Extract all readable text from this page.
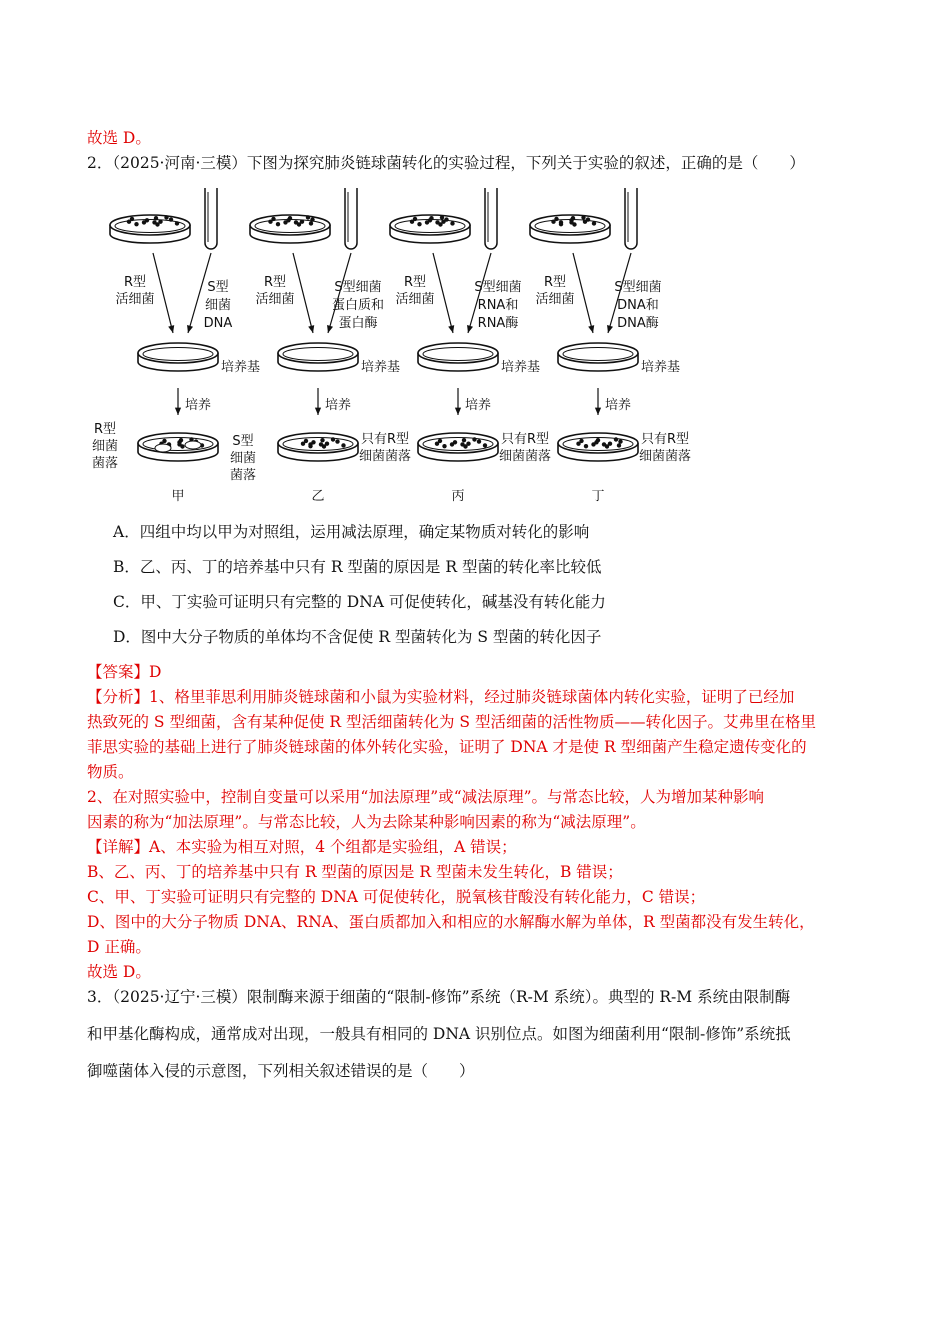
故选 D。
2．（2025·河南·三模）下图为探究肺炎链球菌转化的实验过程，下列关于实验的叙述，正确的是（　　）
R型
活细菌
S型
细菌
DNA
培养基
培养
R型
细菌
菌落
S型
细菌
菌落
甲
R型
活细菌
S型细菌
蛋白质和
蛋白酶
培养基
培养
只有R型
细菌菌落
乙
R型
活细菌
S型细菌
RNA和
RNA酶
培养基
培养
只有R型
细菌菌落
丙
R型
活细菌
S型细菌
DNA和
DNA酶
培养基
培养
只有R型
细菌菌落
丁
A．四组中均以甲为对照组，运用减法原理，确定某物质对转化的影响
B．乙、丙、丁的培养基中只有 R 型菌的原因是 R 型菌的转化率比较低
C．甲、丁实验可证明只有完整的 DNA 可促使转化，碱基没有转化能力
D．图中大分子物质的单体均不含促使 R 型菌转化为 S 型菌的转化因子
【答案】D
【分析】1、格里菲思利用肺炎链球菌和小鼠为实验材料，经过肺炎链球菌体内转化实验，证明了已经加
热致死的 S 型细菌，含有某种促使 R 型活细菌转化为 S 型活细菌的活性物质——转化因子。艾弗里在格里
菲思实验的基础上进行了肺炎链球菌的体外转化实验，证明了 DNA 才是使 R 型细菌产生稳定遗传变化的
物质。
2、在对照实验中，控制自变量可以采用“加法原理”或“减法原理”。与常态比较，人为增加某种影响
因素的称为“加法原理”。与常态比较，人为去除某种影响因素的称为“减法原理”。
【详解】A、本实验为相互对照，4 个组都是实验组，A 错误；
B、乙、丙、丁的培养基中只有 R 型菌的原因是 R 型菌未发生转化，B 错误；
C、甲、丁实验可证明只有完整的 DNA 可促使转化，脱氧核苷酸没有转化能力，C 错误；
D、图中的大分子物质 DNA、RNA、蛋白质都加入和相应的水解酶水解为单体，R 型菌都没有发生转化，
D 正确。
故选 D。
3．（2025·辽宁·三模）限制酶来源于细菌的“限制-修饰”系统（R-M 系统）。典型的 R-M 系统由限制酶
和甲基化酶构成，通常成对出现，一般具有相同的 DNA 识别位点。如图为细菌利用“限制-修饰”系统抵
御噬菌体入侵的示意图，下列相关叙述错误的是（　　）
